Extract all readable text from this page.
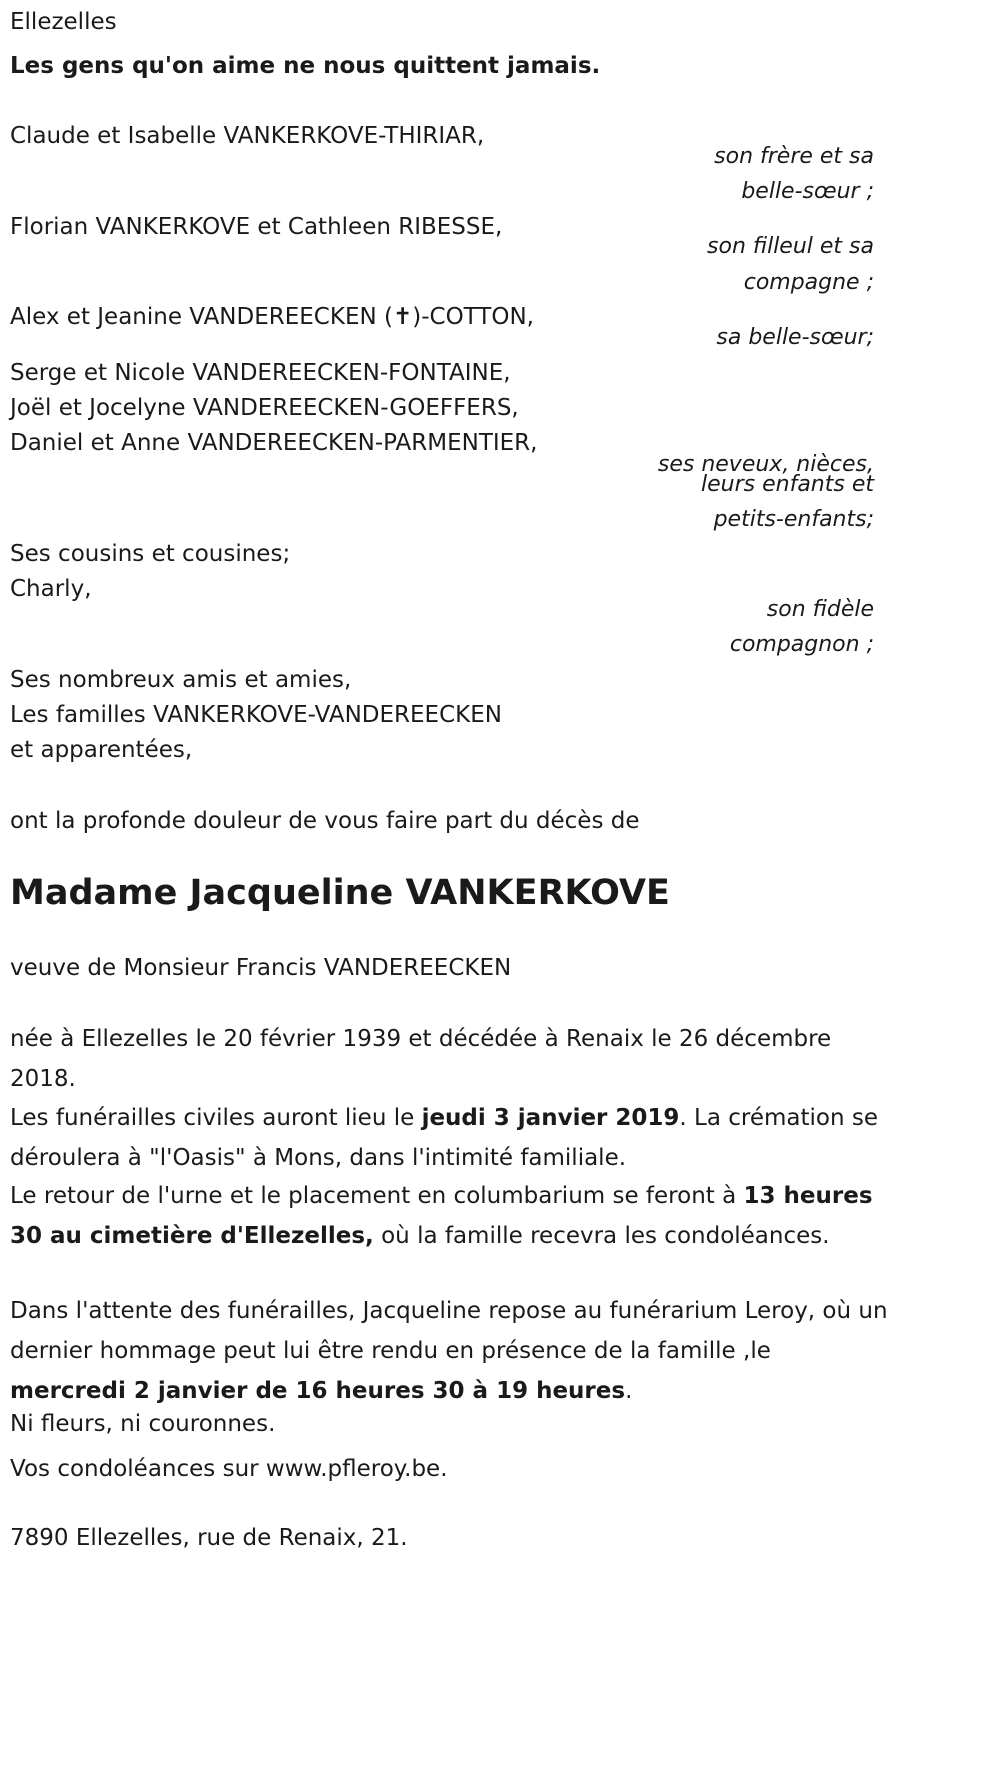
Ellezelles

Les gens qu'on aime ne nous quittent jamais.

Claude et Isabelle VANKERKOVE-THIRIAR,

son frère et sa

belle-sœur ;

Florian VANKERKOVE et Cathleen RIBESSE,

son filleul et sa

compagne ;

Alex et Jeanine VANDEREECKEN (✝)-COTTON,

sa belle-sœur;

Serge et Nicole VANDEREECKEN-FONTAINE,

Joël et Jocelyne VANDEREECKEN-GOEFFERS,

Daniel et Anne VANDEREECKEN-PARMENTIER,

ses neveux, nièces,

leurs enfants et

petits-enfants;

Ses cousins et cousines;

Charly,

son fidèle

compagnon ;

Ses nombreux amis et amies,

Les familles VANKERKOVE-VANDEREECKEN

et apparentées,

ont la profonde douleur de vous faire part du décès de

Madame Jacqueline VANKERKOVE

veuve de Monsieur Francis VANDEREECKEN

née à Ellezelles le 20 février 1939 et décédée à Renaix le 26 décembre 2018.

Les funérailles civiles auront lieu le jeudi 3 janvier 2019. La crémation se déroulera à "l'Oasis" à Mons, dans l'intimité familiale.

Le retour de l'urne et le placement en columbarium se feront à 13 heures 30 au cimetière d'Ellezelles, où la famille recevra les condoléances.

Dans l'attente des funérailles, Jacqueline repose au funérarium Leroy, où un dernier hommage peut lui être rendu en présence de la famille ,le mercredi 2 janvier de 16 heures 30 à 19 heures.

Ni fleurs, ni couronnes.

Vos condoléances sur www.pfleroy.be.

7890 Ellezelles, rue de Renaix, 21.
